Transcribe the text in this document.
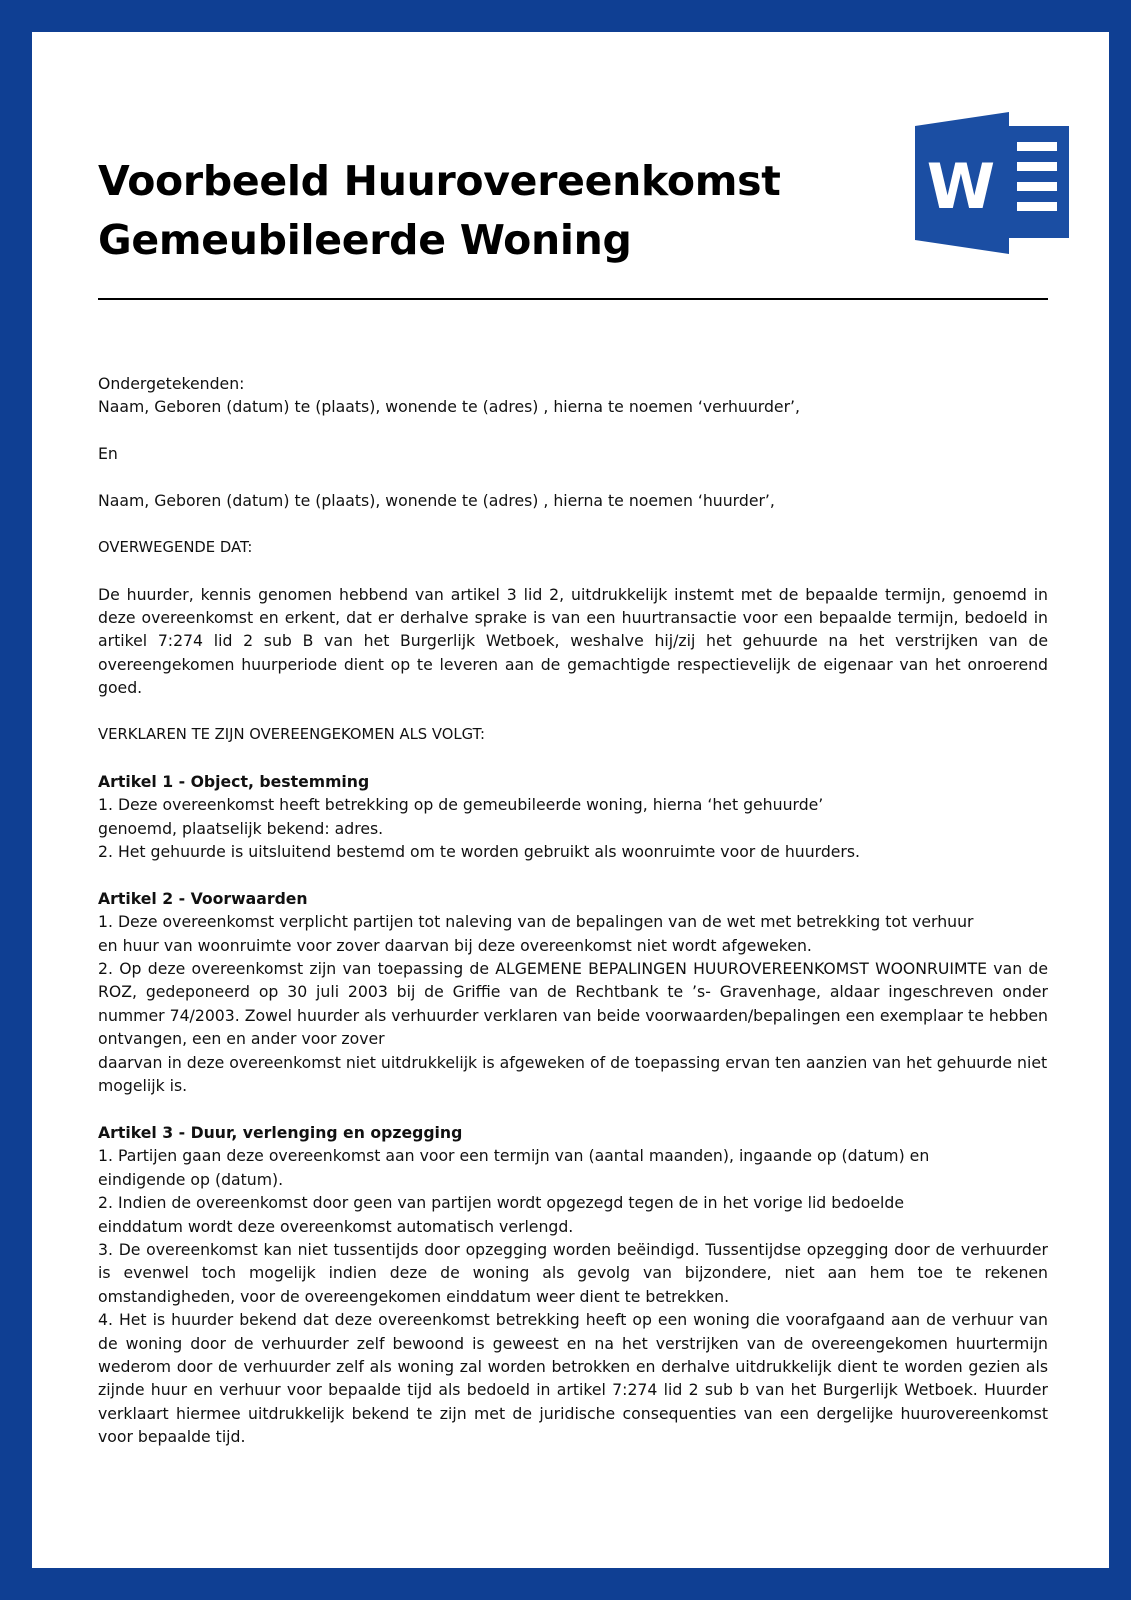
Voorbeeld Huurovereenkomst
Gemeubileerde Woning
W

Ondergetekenden:

Naam, Geboren (datum) te (plaats), wonende te (adres) , hierna te noemen ‘verhuurder’,

En

Naam, Geboren (datum) te (plaats), wonende te (adres) , hierna te noemen ‘huurder’,

OVERWEGENDE DAT:

De huurder, kennis genomen hebbend van artikel 3 lid 2, uitdrukkelijk instemt met de bepaalde termijn, genoemd in deze overeenkomst en erkent, dat er derhalve sprake is van een huurtransactie voor een bepaalde termijn, bedoeld in artikel 7:274 lid 2 sub B van het Burgerlijk Wetboek, weshalve hij/zij het gehuurde na het verstrijken van de overeengekomen huurperiode dient op te leveren aan de gemachtigde respectievelijk de eigenaar van het onroerend goed.

VERKLAREN TE ZIJN OVEREENGEKOMEN ALS VOLGT:

Artikel 1 - Object, bestemming

1. Deze overeenkomst heeft betrekking op de gemeubileerde woning, hierna ‘het gehuurde’

genoemd, plaatselijk bekend: adres.

2. Het gehuurde is uitsluitend bestemd om te worden gebruikt als woonruimte voor de huurders.

Artikel 2 - Voorwaarden

1. Deze overeenkomst verplicht partijen tot naleving van de bepalingen van de wet met betrekking tot verhuur

en huur van woonruimte voor zover daarvan bij deze overeenkomst niet wordt afgeweken.

2. Op deze overeenkomst zijn van toepassing de ALGEMENE BEPALINGEN HUUROVEREENKOMST WOONRUIMTE van de ROZ, gedeponeerd op 30 juli 2003 bij de Griffie van de Rechtbank te ’s- Gravenhage, aldaar ingeschreven onder nummer 74/2003. Zowel huurder als verhuurder verklaren van beide voorwaarden/bepalingen een exemplaar te hebben ontvangen, een en ander voor zover

daarvan in deze overeenkomst niet uitdrukkelijk is afgeweken of de toepassing ervan ten aanzien van het gehuurde niet mogelijk is.

Artikel 3 - Duur, verlenging en opzegging

1. Partijen gaan deze overeenkomst aan voor een termijn van (aantal maanden), ingaande op (datum) en

eindigende op (datum).

2. Indien de overeenkomst door geen van partijen wordt opgezegd tegen de in het vorige lid bedoelde

einddatum wordt deze overeenkomst automatisch verlengd.

3. De overeenkomst kan niet tussentijds door opzegging worden beëindigd. Tussentijdse opzegging door de verhuurder is evenwel toch mogelijk indien deze de woning als gevolg van bijzondere, niet aan hem toe te rekenen omstandigheden, voor de overeengekomen einddatum weer dient te betrekken.

4. Het is huurder bekend dat deze overeenkomst betrekking heeft op een woning die voorafgaand aan de verhuur van de woning door de verhuurder zelf bewoond is geweest en na het verstrijken van de overeengekomen huurtermijn wederom door de verhuurder zelf als woning zal worden betrokken en derhalve uitdrukkelijk dient te worden gezien als zijnde huur en verhuur voor bepaalde tijd als bedoeld in artikel 7:274 lid 2 sub b van het Burgerlijk Wetboek. Huurder verklaart hiermee uitdrukkelijk bekend te zijn met de juridische consequenties van een dergelijke huurovereenkomst voor bepaalde tijd.
